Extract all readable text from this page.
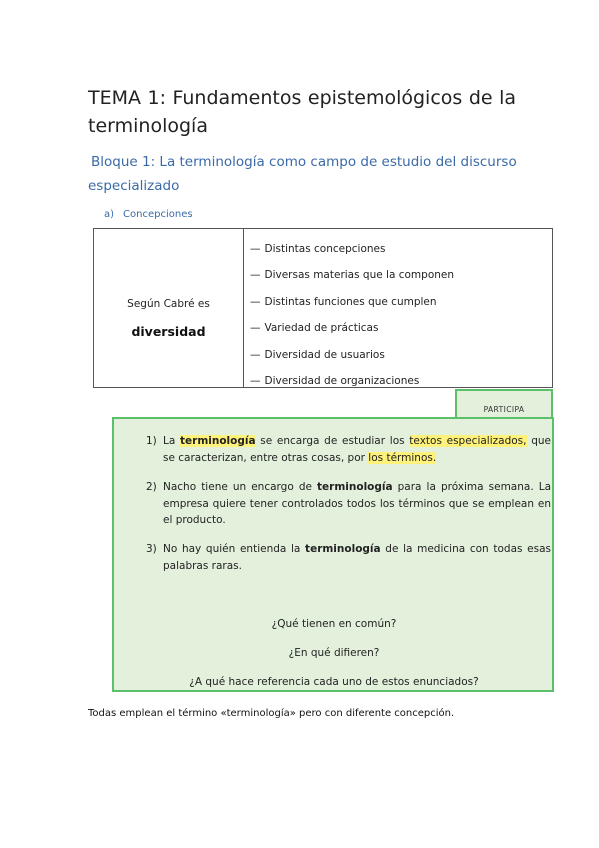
TEMA 1: Fundamentos epistemológicos de la
terminología
Bloque 1: La terminología como campo de estudio del discurso
especializado
a) Concepciones
Según Cabré es
diversidad
— Distintas concepciones
— Diversas materias que la componen
— Distintas funciones que cumplen
— Variedad de prácticas
— Diversidad de usuarios
— Diversidad de organizaciones
PARTICIPA
1) La terminología se encarga de estudiar los textos especializados, que se caracterizan, entre otras cosas, por los términos.
2) Nacho tiene un encargo de terminología para la próxima semana. La empresa quiere tener controlados todos los términos que se emplean en el producto.
3) No hay quién entienda la terminología de la medicina con todas esas palabras raras.
¿Qué tienen en común?
¿En qué difieren?
¿A qué hace referencia cada uno de estos enunciados?
Todas emplean el término «terminología» pero con diferente concepción.
